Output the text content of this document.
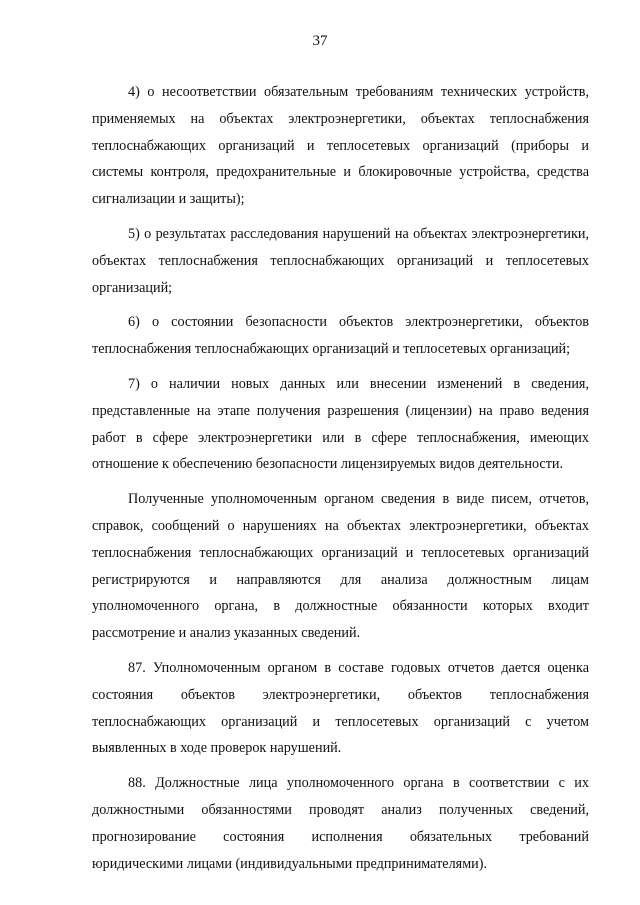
37

4) о несоответствии обязательным требованиям технических устройств, применяемых на объектах электроэнергетики, объектах теплоснабжения теплоснабжающих организаций и теплосетевых организаций (приборы и системы контроля, предохранительные и блокировочные устройства, средства сигнализации и защиты);

5) о результатах расследования нарушений на объектах электроэнергетики, объектах теплоснабжения теплоснабжающих организаций и теплосетевых организаций;

6) о состоянии безопасности объектов электроэнергетики, объектов теплоснабжения теплоснабжающих организаций и теплосетевых организаций;

7) о наличии новых данных или внесении изменений в сведения, представленные на этапе получения разрешения (лицензии) на право ведения работ в сфере электроэнергетики или в сфере теплоснабжения, имеющих отношение к обеспечению безопасности лицензируемых видов деятельности.

Полученные уполномоченным органом сведения в виде писем, отчетов, справок, сообщений о нарушениях на объектах электроэнергетики, объектах теплоснабжения теплоснабжающих организаций и теплосетевых организаций регистрируются и направляются для анализа должностным лицам уполномоченного органа, в должностные обязанности которых входит рассмотрение и анализ указанных сведений.

87. Уполномоченным органом в составе годовых отчетов дается оценка состояния объектов электроэнергетики, объектов теплоснабжения теплоснабжающих организаций и теплосетевых организаций с учетом выявленных в ходе проверок нарушений.

88. Должностные лица уполномоченного органа в соответствии с их должностными обязанностями проводят анализ полученных сведений, прогнозирование состояния исполнения обязательных требований юридическими лицами (индивидуальными предпринимателями).
